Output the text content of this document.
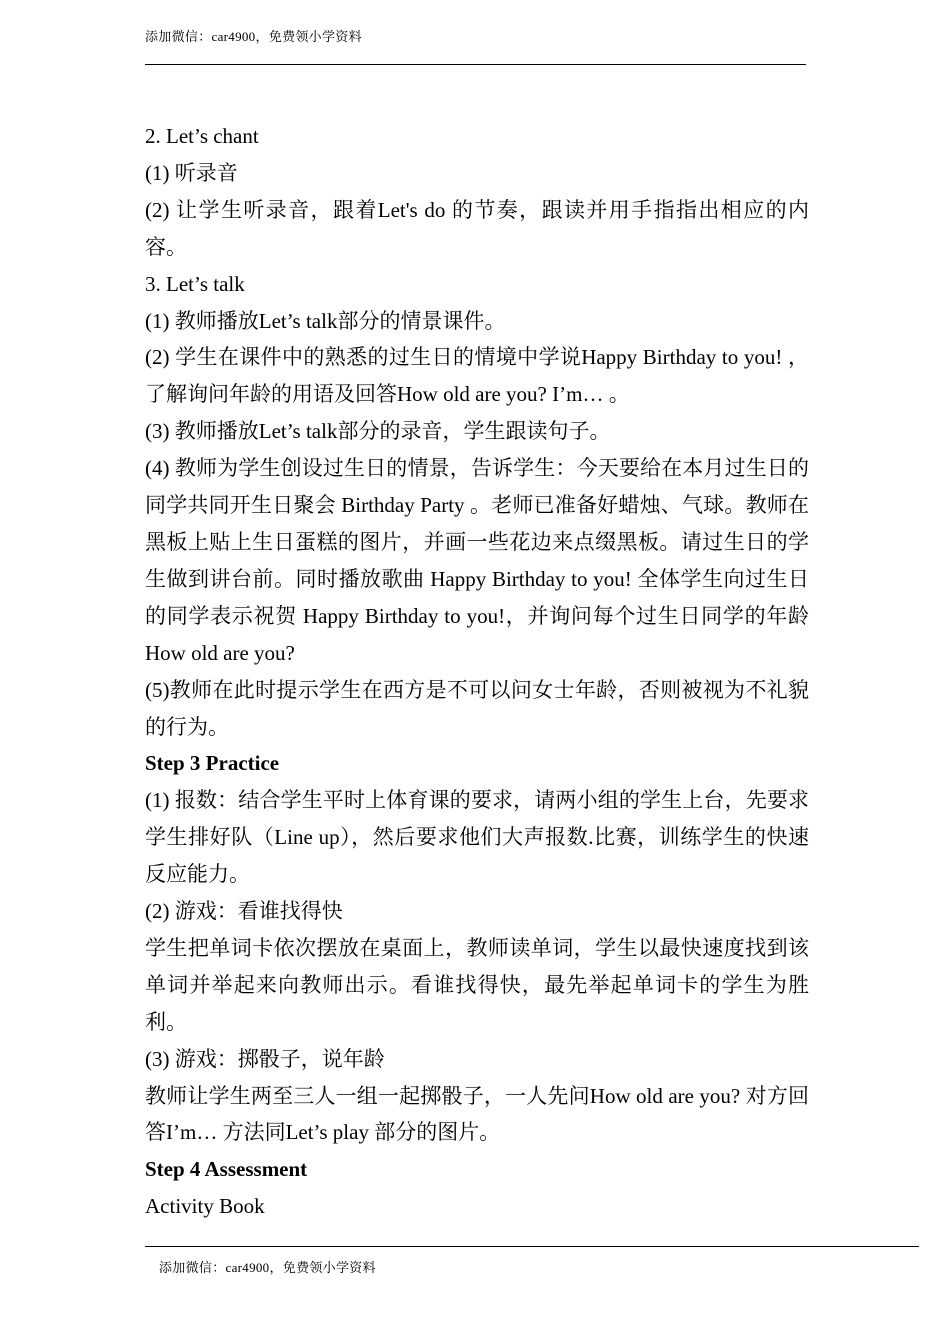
添加微信：car4900，免费领小学资料

2. Let’s chant

(1) 听录音

(2) 让学生听录音，跟着Let's do 的节奏，跟读并用手指指出相应的内容。

3. Let’s talk

(1) 教师播放Let’s talk部分的情景课件。

(2) 学生在课件中的熟悉的过生日的情境中学说Happy Birthday to you! ， 了解询问年龄的用语及回答How old are you? I’m… 。

(3) 教师播放Let’s talk部分的录音，学生跟读句子。

(4) 教师为学生创设过生日的情景，告诉学生：今天要给在本月过生日的同学共同开生日聚会 Birthday Party 。老师已准备好蜡烛、气球。教师在黑板上贴上生日蛋糕的图片，并画一些花边来点缀黑板。请过生日的学生做到讲台前。同时播放歌曲 Happy Birthday to you! 全体学生向过生日的同学表示祝贺 Happy Birthday to you!，并询问每个过生日同学的年龄 How old are you?

(5)教师在此时提示学生在西方是不可以问女士年龄，否则被视为不礼貌的行为。

Step 3 Practice

(1) 报数：结合学生平时上体育课的要求，请两小组的学生上台，先要求学生排好队（Line up），然后要求他们大声报数.比赛，训练学生的快速反应能力。

(2) 游戏：看谁找得快

学生把单词卡依次摆放在桌面上，教师读单词，学生以最快速度找到该单词并举起来向教师出示。看谁找得快，最先举起单词卡的学生为胜利。

(3) 游戏：掷骰子，说年龄

教师让学生两至三人一组一起掷骰子，一人先问How old are you? 对方回答I’m… 方法同Let’s play 部分的图片。

Step 4 Assessment

Activity Book

添加微信：car4900，免费领小学资料
